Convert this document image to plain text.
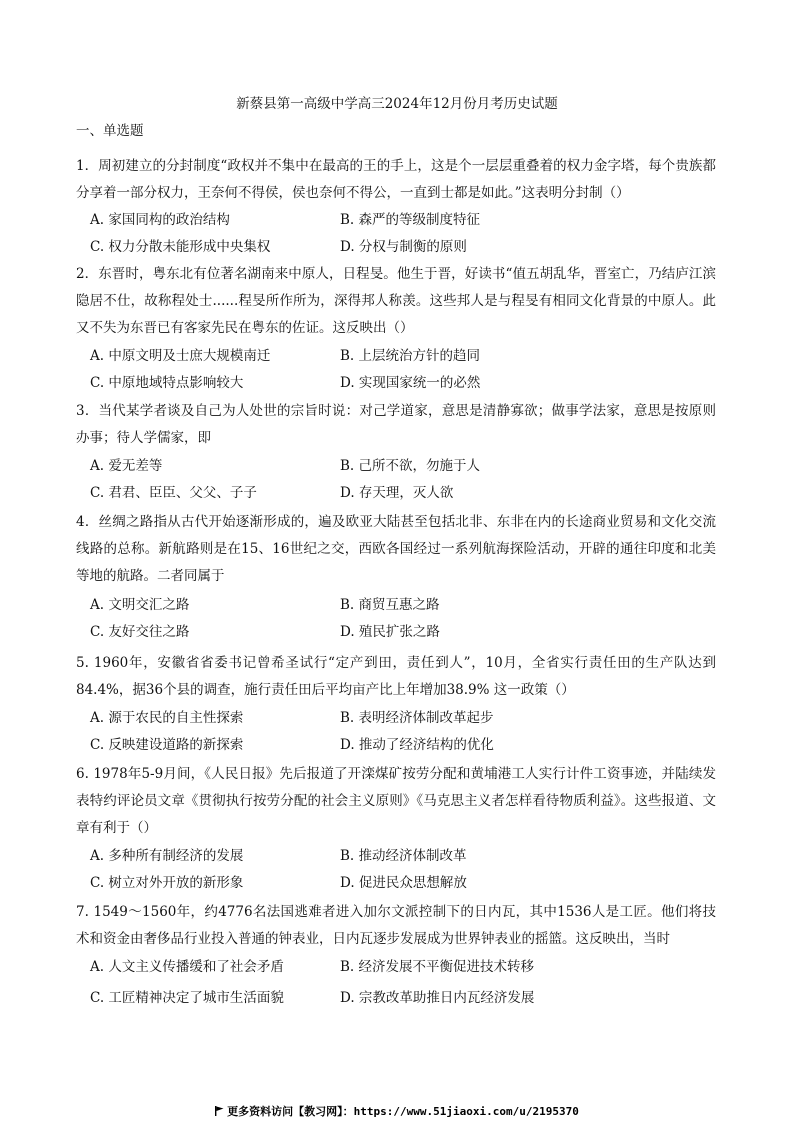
新蔡县第一高级中学高三2024年12月份月考历史试题
一、单选题
1．周初建立的分封制度“政权并不集中在最高的王的手上，这是个一层层重叠着的权力金字塔，每个贵族都分享着一部分权力，王奈何不得侯，侯也奈何不得公，一直到士都是如此。”这表明分封制（）
A. 家国同构的政治结构	B. 森严的等级制度特征
C. 权力分散未能形成中央集权	D. 分权与制衡的原则
2．东晋时，粤东北有位著名湖南来中原人，日程旻。他生于晋，好读书“值五胡乱华，晋室亡，乃结庐江滨隐居不仕，故称程处士......程旻所作所为，深得邦人称羡。这些邦人是与程旻有相同文化背景的中原人。此又不失为东晋已有客家先民在粤东的佐证。这反映出（）
A. 中原文明及士庶大规模南迁	B. 上层统治方针的趋同
C. 中原地域特点影响较大	D. 实现国家统一的必然
3．当代某学者谈及自己为人处世的宗旨时说：对己学道家，意思是清静寡欲；做事学法家，意思是按原则办事；待人学儒家，即
A. 爱无差等	B. 己所不欲，勿施于人
C. 君君、臣臣、父父、子子	D. 存天理，灭人欲
4．丝绸之路指从古代开始逐渐形成的，遍及欧亚大陆甚至包括北非、东非在内的长途商业贸易和文化交流线路的总称。新航路则是在15、16世纪之交，西欧各国经过一系列航海探险活动，开辟的通往印度和北美等地的航路。二者同属于
A. 文明交汇之路	B. 商贸互惠之路
C. 友好交往之路	D. 殖民扩张之路
5. 1960年，安徽省省委书记曾希圣试行“定产到田，责任到人”，10月，全省实行责任田的生产队达到84.4%，据36个县的调查，施行责任田后平均亩产比上年增加38.9% 这一政策（）
A. 源于农民的自主性探索	B. 表明经济体制改革起步
C. 反映建设道路的新探索	D. 推动了经济结构的优化
6. 1978年5-9月间，《人民日报》先后报道了开滦煤矿按劳分配和黄埔港工人实行计件工资事迹，并陆续发表特约评论员文章《贯彻执行按劳分配的社会主义原则》《马克思主义者怎样看待物质利益》。这些报道、文章有利于（）
A. 多种所有制经济的发展	B. 推动经济体制改革
C. 树立对外开放的新形象	D. 促进民众思想解放
7. 1549～1560年，约4776名法国逃难者进入加尔文派控制下的日内瓦，其中1536人是工匠。他们将技术和资金由奢侈品行业投入普通的钟表业，日内瓦逐步发展成为世界钟表业的摇篮。这反映出，当时
A. 人文主义传播缓和了社会矛盾	B. 经济发展不平衡促进技术转移
C. 工匠精神决定了城市生活面貌	D. 宗教改革助推日内瓦经济发展
更多资料访问【教习网】：https://www.51jiaoxi.com/u/2195370
